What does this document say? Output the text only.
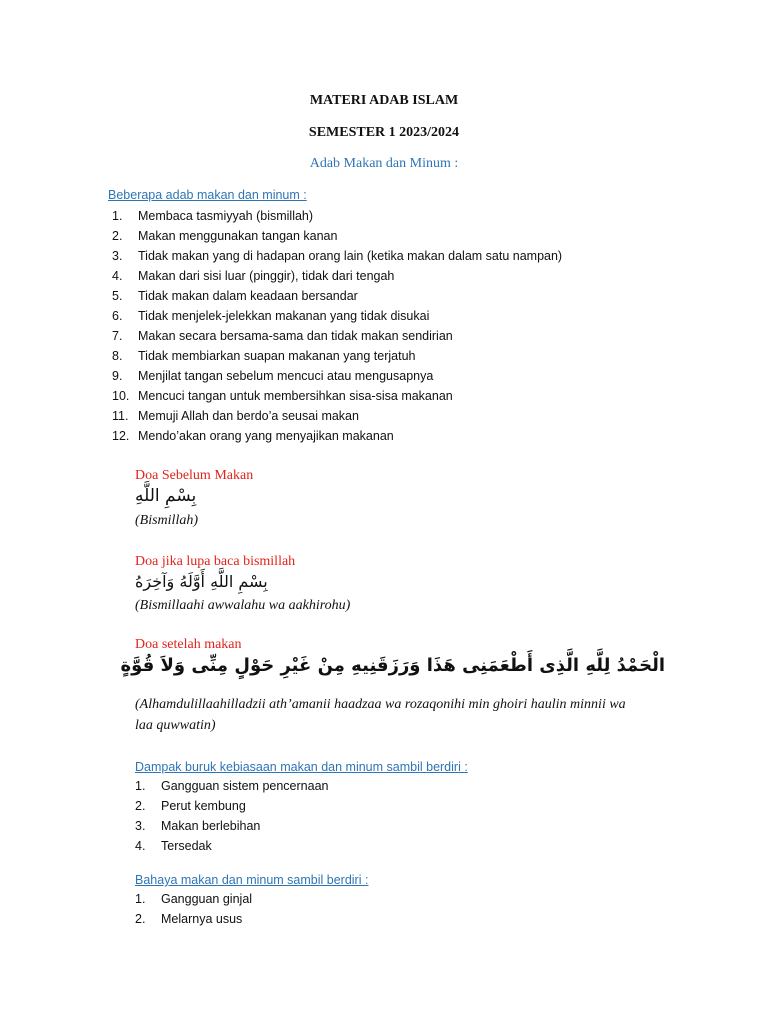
MATERI ADAB ISLAM
SEMESTER 1 2023/2024
Adab Makan dan Minum :
Beberapa adab makan dan minum :
1. Membaca tasmiyyah (bismillah)
2. Makan menggunakan tangan kanan
3. Tidak makan yang di hadapan orang lain (ketika makan dalam satu nampan)
4. Makan dari sisi luar (pinggir), tidak dari tengah
5. Tidak makan dalam keadaan bersandar
6. Tidak menjelek-jelekkan makanan yang tidak disukai
7. Makan secara bersama-sama dan tidak makan sendirian
8. Tidak membiarkan suapan makanan yang terjatuh
9. Menjilat tangan sebelum mencuci atau mengusapnya
10. Mencuci tangan untuk membersihkan sisa-sisa makanan
11. Memuji Allah dan berdo’a seusai makan
12. Mendo’akan orang yang menyajikan makanan
Doa Sebelum Makan
بِسْمِ اللَّهِ
(Bismillah)
Doa jika lupa baca bismillah
بِسْمِ اللَّهِ أَوَّلَهُ وَآخِرَهُ
(Bismillaahi awwalahu wa aakhirohu)
Doa setelah makan
الْحَمْدُ لِلَّهِ الَّذِى أَطْعَمَنِى هَذَا وَرَزَقَنِيهِ مِنْ غَيْرِ حَوْلٍ مِنِّى وَلاَ قُوَّةٍ
(Alhamdulillaahilladzii ath’amanii haadzaa wa rozaqonihi min ghoiri haulin minnii wa
laa quwwatin)
Dampak buruk kebiasaan makan dan minum sambil berdiri :
1. Gangguan sistem pencernaan
2. Perut kembung
3. Makan berlebihan
4. Tersedak
Bahaya makan dan minum sambil berdiri :
1. Gangguan ginjal
2. Melarnya usus
